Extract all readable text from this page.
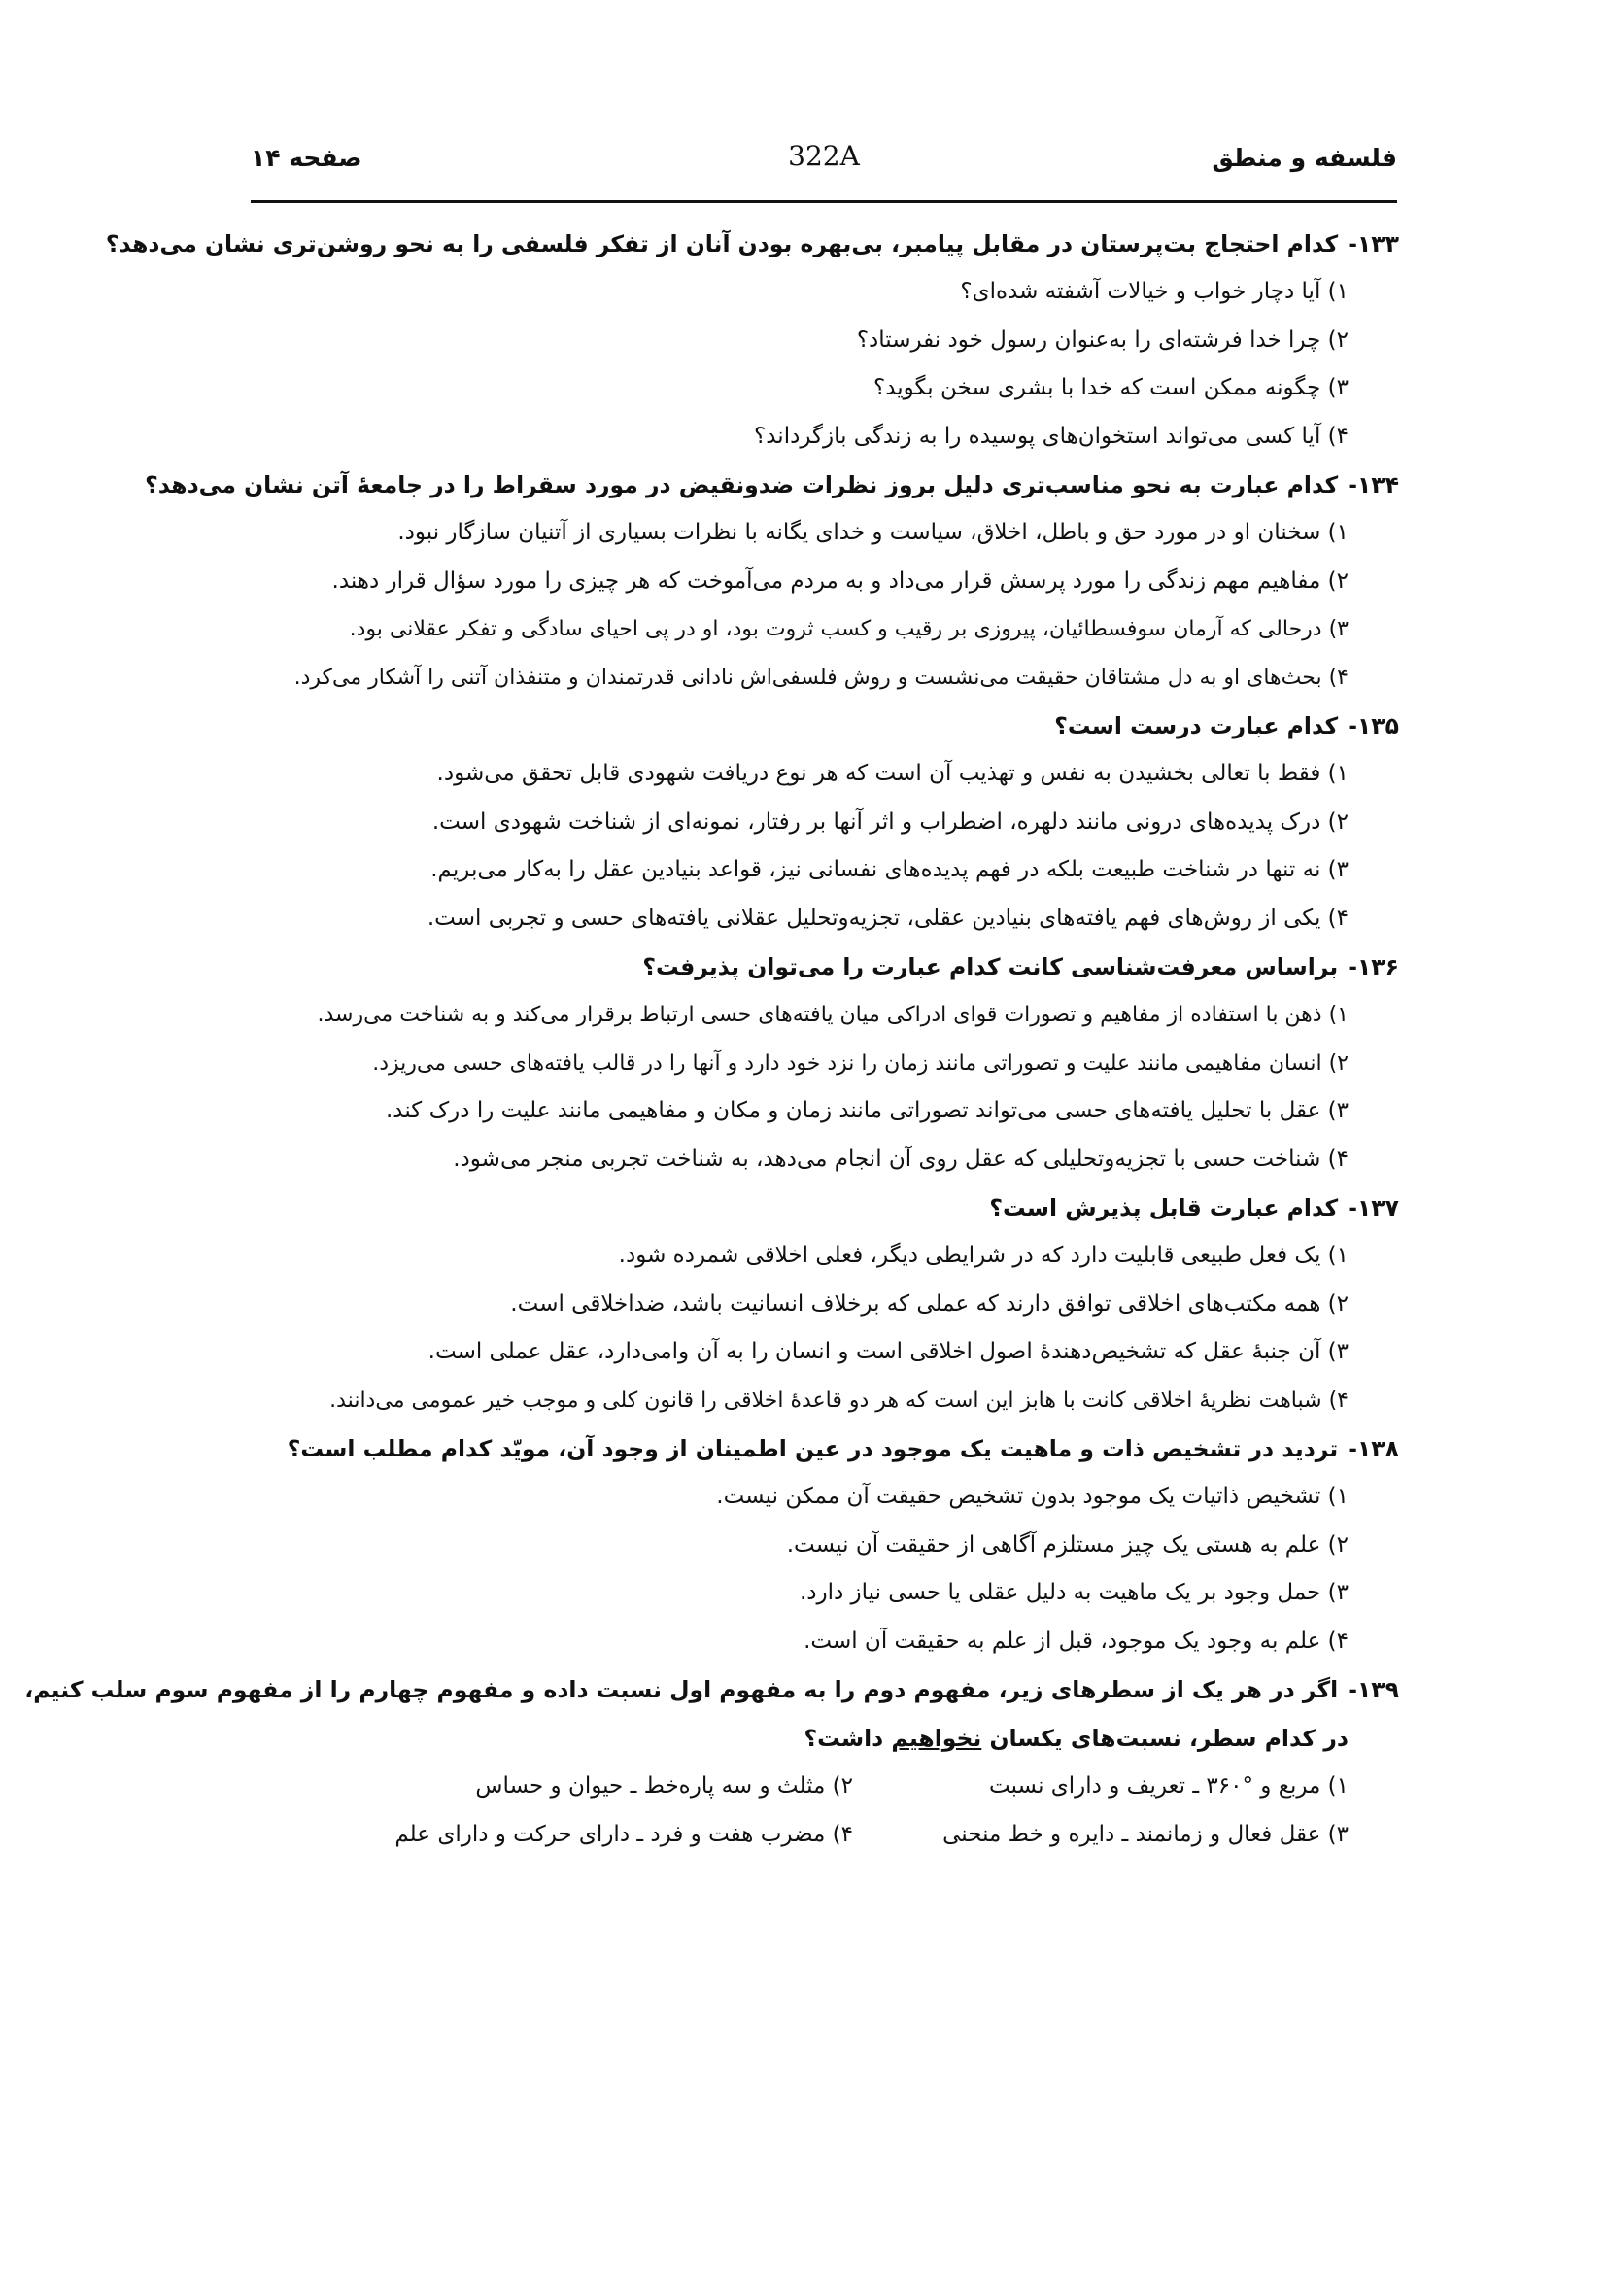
فلسفه و منطق
322A
صفحه ۱۴
۱۳۳-کدام احتجاج بت‌پرستان در مقابل پیامبر، بی‌بهره بودن آنان از تفکر فلسفی را به نحو روشن‌تری نشان می‌دهد؟
۱) آیا دچار خواب و خیالات آشفته شده‌ای؟
۲) چرا خدا فرشته‌ای را به‌عنوان رسول خود نفرستاد؟
۳) چگونه ممکن است که خدا با بشری سخن بگوید؟
۴) آیا کسی می‌تواند استخوان‌های پوسیده را به زندگی بازگرداند؟
۱۳۴-کدام عبارت به نحو مناسب‌تری دلیل بروز نظرات ضدونقیض در مورد سقراط را در جامعهٔ آتن نشان می‌دهد؟
۱) سخنان او در مورد حق و باطل، اخلاق، سیاست و خدای یگانه با نظرات بسیاری از آتنیان سازگار نبود.
۲) مفاهیم مهم زندگی را مورد پرسش قرار می‌داد و به مردم می‌آموخت که هر چیزی را مورد سؤال قرار دهند.
۳) درحالی که آرمان سوفسطائیان، پیروزی بر رقیب و کسب ثروت بود، او در پی احیای سادگی و تفکر عقلانی بود.
۴) بحث‌های او به دل مشتاقان حقیقت می‌نشست و روش فلسفی‌اش نادانی قدرتمندان و متنفذان آتنی را آشکار می‌کرد.
۱۳۵-کدام عبارت درست است؟
۱) فقط با تعالی بخشیدن به نفس و تهذیب آن است که هر نوع دریافت شهودی قابل تحقق می‌شود.
۲) درک پدیده‌های درونی مانند دلهره، اضطراب و اثر آنها بر رفتار، نمونه‌ای از شناخت شهودی است.
۳) نه تنها در شناخت طبیعت بلکه در فهم پدیده‌های نفسانی نیز، قواعد بنیادین عقل را به‌کار می‌بریم.
۴) یکی از روش‌های فهم یافته‌های بنیادین عقلی، تجزیه‌وتحلیل عقلانی یافته‌های حسی و تجربی است.
۱۳۶-براساس معرفت‌شناسی کانت کدام عبارت را می‌توان پذیرفت؟
۱) ذهن با استفاده از مفاهیم و تصورات قوای ادراکی میان یافته‌های حسی ارتباط برقرار می‌کند و به شناخت می‌رسد.
۲) انسان مفاهیمی مانند علیت و تصوراتی مانند زمان را نزد خود دارد و آنها را در قالب یافته‌های حسی می‌ریزد.
۳) عقل با تحلیل یافته‌های حسی می‌تواند تصوراتی مانند زمان و مکان و مفاهیمی مانند علیت را درک کند.
۴) شناخت حسی با تجزیه‌وتحلیلی که عقل روی آن انجام می‌دهد، به شناخت تجربی منجر می‌شود.
۱۳۷-کدام عبارت قابل پذیرش است؟
۱) یک فعل طبیعی قابلیت دارد که در شرایطی دیگر، فعلی اخلاقی شمرده شود.
۲) همه مکتب‌های اخلاقی توافق دارند که عملی که برخلاف انسانیت باشد، ضداخلاقی است.
۳) آن جنبهٔ عقل که تشخیص‌دهندهٔ اصول اخلاقی است و انسان را به آن وامی‌دارد، عقل عملی است.
۴) شباهت نظریهٔ اخلاقی کانت با هابز این است که هر دو قاعدهٔ اخلاقی را قانون کلی و موجب خیر عمومی می‌دانند.
۱۳۸-تردید در تشخیص ذات و ماهیت یک موجود در عین اطمینان از وجود آن، مویّد کدام مطلب است؟
۱) تشخیص ذاتیات یک موجود بدون تشخیص حقیقت آن ممکن نیست.
۲) علم به هستی یک چیز مستلزم آگاهی از حقیقت آن نیست.
۳) حمل وجود بر یک ماهیت به دلیل عقلی یا حسی نیاز دارد.
۴) علم به وجود یک موجود، قبل از علم به حقیقت آن است.
۱۳۹-اگر در هر یک از سطرهای زیر، مفهوم دوم را به مفهوم اول نسبت داده و مفهوم چهارم را از مفهوم سوم سلب کنیم،
در کدام سطر، نسبت‌های یکسان نخواهیم داشت؟
۱) مربع و °۳۶۰ ـ تعریف و دارای نسبت
۲) مثلث و سه پاره‌خط ـ حیوان و حساس
۳) عقل فعال و زمانمند ـ دایره و خط منحنی
۴) مضرب هفت و فرد ـ دارای حرکت و دارای علم
